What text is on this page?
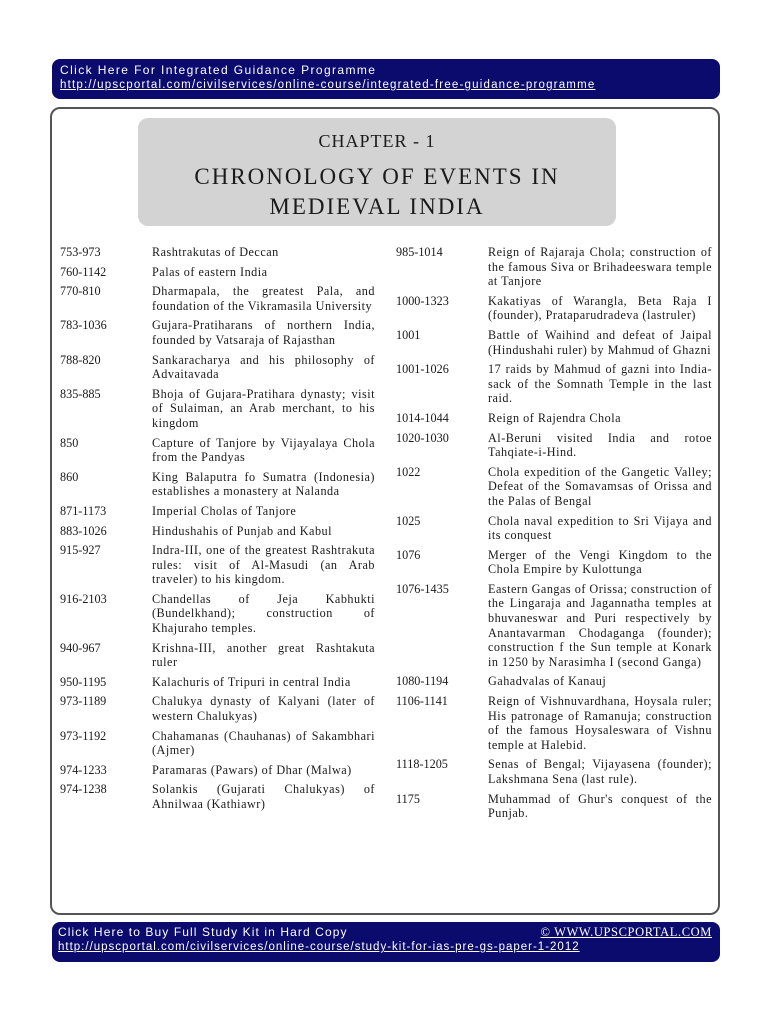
Click Here For Integrated Guidance Programme
http://upscportal.com/civilservices/online-course/integrated-free-guidance-programme
CHAPTER - 1
CHRONOLOGY OF EVENTS IN
MEDIEVAL INDIA
753-973	Rashtrakutas of Deccan
760-1142	Palas of eastern India
770-810	Dharmapala, the greatest Pala, and foundation of the Vikramasila University
783-1036	Gujara-Pratiharans of northern India, founded by Vatsaraja of Rajasthan
788-820	Sankaracharya and his philosophy of Advaitavada
835-885	Bhoja of Gujara-Pratihara dynasty; visit of Sulaiman, an Arab merchant, to his kingdom
850	Capture of Tanjore by Vijayalaya Chola from the Pandyas
860	King Balaputra fo Sumatra (Indonesia) establishes a monastery at Nalanda
871-1173	Imperial Cholas of Tanjore
883-1026	Hindushahis of Punjab and Kabul
915-927	Indra-III, one of the greatest Rashtrakuta rules: visit of Al-Masudi (an Arab traveler) to his kingdom.
916-2103	Chandellas of Jeja Kabhukti (Bundelkhand); construction of Khajuraho temples.
940-967	Krishna-III, another great Rashtakuta ruler
950-1195	Kalachuris of Tripuri in central India
973-1189	Chalukya dynasty of Kalyani (later of western Chalukyas)
973-1192	Chahamanas (Chauhanas) of Sakambhari (Ajmer)
974-1233	Paramaras (Pawars) of Dhar (Malwa)
974-1238	Solankis (Gujarati Chalukyas) of Ahnilwaa (Kathiawr)
985-1014	Reign of Rajaraja Chola; construction of the famous Siva or Brihadeeswara temple at Tanjore
1000-1323	Kakatiyas of Warangla, Beta Raja I (founder), Prataparudradeva (lastruler)
1001	Battle of Waihind and defeat of Jaipal (Hindushahi ruler) by Mahmud of Ghazni
1001-1026	17 raids by Mahmud of gazni into India-sack of the Somnath Temple in the last raid.
1014-1044	Reign of Rajendra Chola
1020-1030	Al-Beruni visited India and rotoe Tahqiate-i-Hind.
1022	Chola expedition of the Gangetic Valley; Defeat of the Somavamsas of Orissa and the Palas of Bengal
1025	Chola naval expedition to Sri Vijaya and its conquest
1076	Merger of the Vengi Kingdom to the Chola Empire by Kulottunga
1076-1435	Eastern Gangas of Orissa; construction of the Lingaraja and Jagannatha temples at bhuvaneswar and Puri respectively by Anantavarman Chodaganga (founder); construction f the Sun temple at Konark in 1250 by Narasimha I (second Ganga)
1080-1194	Gahadvalas of Kanauj
1106-1141	Reign of Vishnuvardhana, Hoysala ruler; His patronage of Ramanuja; construction of the famous Hoysaleswara of Vishnu temple at Halebid.
1118-1205	Senas of Bengal; Vijayasena (founder); Lakshmana Sena (last rule).
1175	Muhammad of Ghur's conquest of the Punjab.
Click Here to Buy Full Study Kit in Hard Copy	© WWW.UPSCPORTAL.COM
http://upscportal.com/civilservices/online-course/study-kit-for-ias-pre-gs-paper-1-2012
